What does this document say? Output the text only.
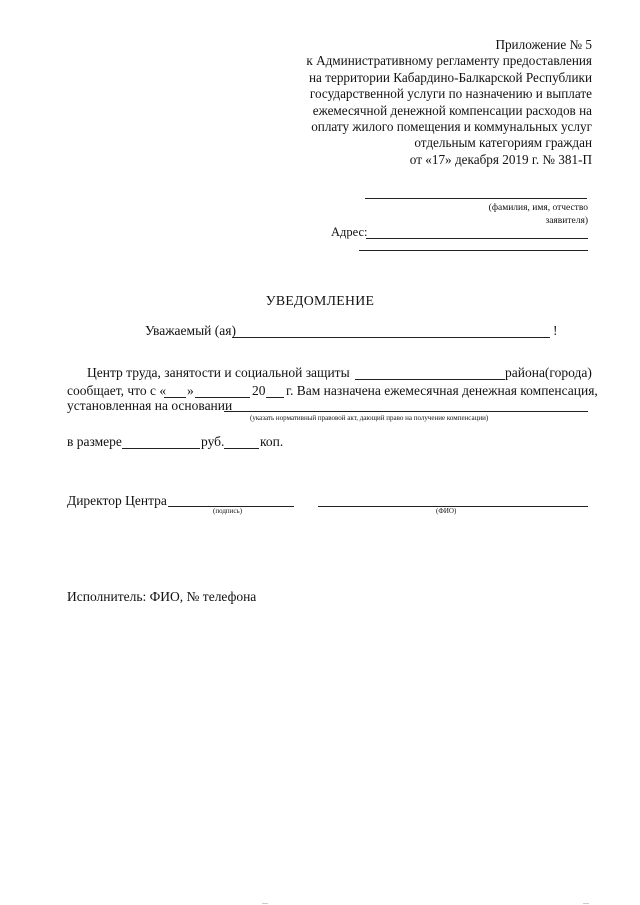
Приложение № 5
к Административному регламенту предоставления
на территории Кабардино-Балкарской Республики
государственной услуги по назначению и выплате
ежемесячной денежной компенсации расходов на
оплату жилого помещения и коммунальных услуг
отдельным категориям граждан
от «17» декабря 2019 г. № 381-П
(фамилия, имя, отчество
заявителя)
Адрес:
УВЕДОМЛЕНИЕ
Уважаемый (ая)	!
Центр труда, занятости и социальной защиты	района(города)
сообщает, что с « »	20 г. Вам назначена ежемесячная денежная компенсация,
установленная на основании
(указать нормативный правовой акт, дающий право на получение компенсации)
в размере	руб.	коп.
Директор Центра
(подпись)	(ФИО)
Исполнитель: ФИО, № телефона
